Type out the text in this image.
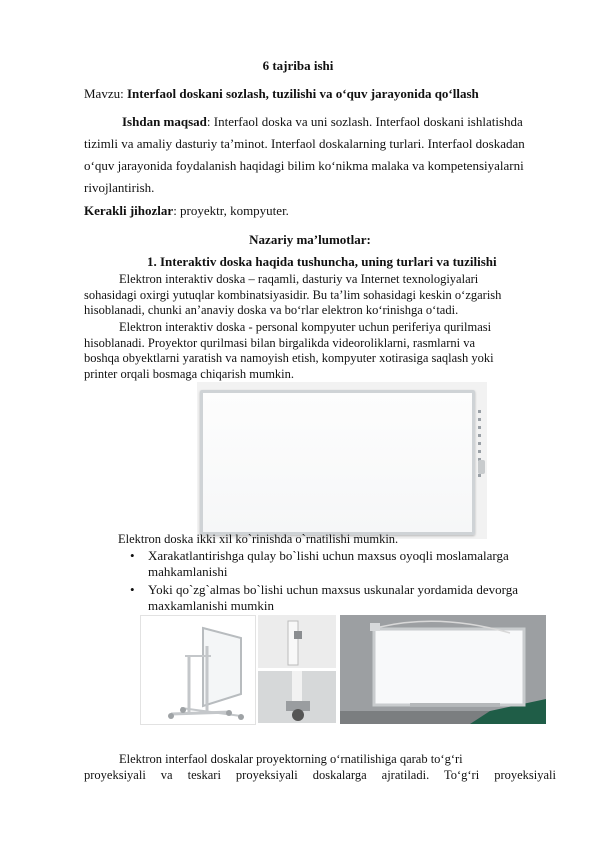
6 tajriba ishi
Mavzu: Interfaol doskani sozlash, tuzilishi va o‘quv jarayonida qo‘llash
Ishdan maqsad: Interfaol doska va uni sozlash. Interfaol doskani ishlatishda
tizimli va amaliy dasturiy ta’minot. Interfaol doskalarning turlari. Interfaol doskadan
o‘quv jarayonida foydalanish haqidagi bilim ko‘nikma malaka va kompetensiyalarni
rivojlantirish.
Kerakli jihozlar: proyektr, kompyuter.
Nazariy ma’lumotlar:
1. Interaktiv doska haqida tushuncha, uning turlari va tuzilishi
Elektron interaktiv doska – raqamli, dasturiy va Internet texnologiyalari
sohasidagi oxirgi yutuqlar kombinatsiyasidir. Bu ta’lim sohasidagi keskin o‘zgarish
hisoblanadi, chunki an’anaviy doska va bo‘rlar elektron ko‘rinishga o‘tadi.
Elektron interaktiv doska - personal kompyuter uchun periferiya qurilmasi
hisoblanadi. Proyektor qurilmasi bilan birgalikda videoroliklarni, rasmlarni va
boshqa obyektlarni yaratish va namoyish etish, kompyuter xotirasiga saqlash yoki
printer orqali bosmaga chiqarish mumkin.
Elektron doska ikki xil ko`rinishda o`rnatilishi mumkin.
• Xarakatlantirishga qulay bo`lishi uchun maxsus oyoqli moslamalarga
mahkamlanishi
• Yoki qo`zg`almas bo`lishi uchun maxsus uskunalar yordamida devorga
maxkamlanishi mumkin
Elektron interfaol doskalar proyektorning o‘rnatilishiga qarab to‘g‘ri
proyeksiyali va teskari proyeksiyali doskalarga ajratiladi. To‘g‘ri proyeksiyali
